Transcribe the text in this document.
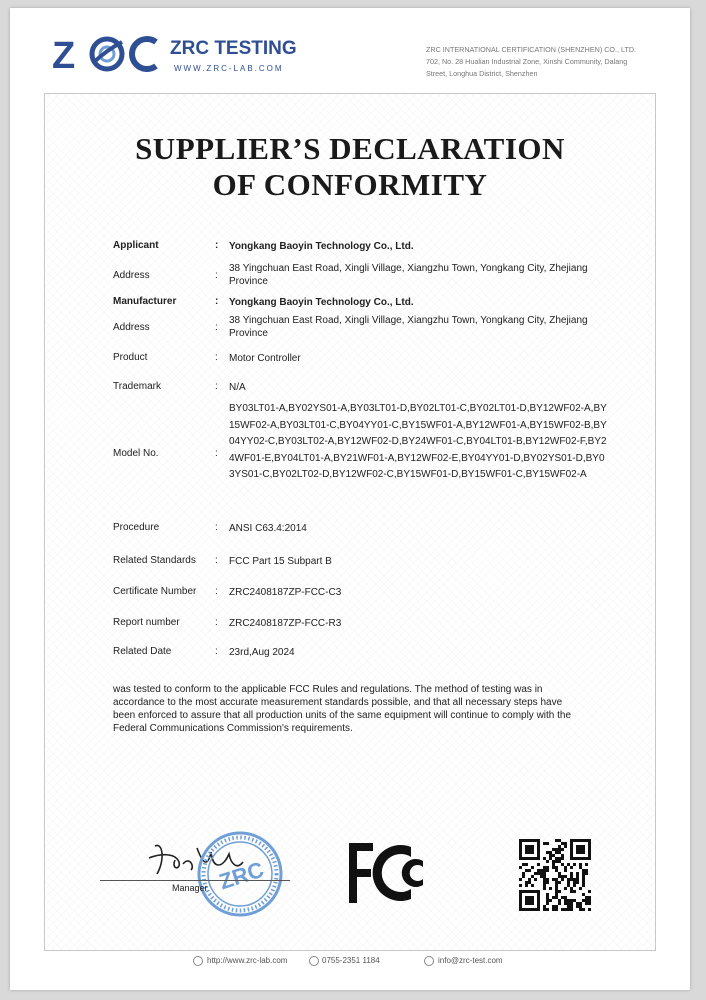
Z	ZRC TESTING
WWW.ZRC-LAB.COM
ZRC INTERNATIONAL CERTIFICATION (SHENZHEN) CO., LTD.
702, No. 28 Hualian Industrial Zone, Xinshi Community, Dalang
Street, Longhua District, Shenzhen
SUPPLIER’S DECLARATION
OF CONFORMITY
Applicant	: Yongkang Baoyin Technology Co., Ltd.
Address	:
38 Yingchuan East Road, Xingli Village, Xiangzhu Town, Yongkang City, Zhejiang Province
Manufacturer	: Yongkang Baoyin Technology Co., Ltd.
Address	:
38 Yingchuan East Road, Xingli Village, Xiangzhu Town, Yongkang City, Zhejiang Province
Product	: Motor Controller
Trademark	: N/A
Model No.	:
BY03LT01-A,BY02YS01-A,BY03LT01-D,BY02LT01-C,BY02LT01-D,BY12WF02-A,BY15WF02-A,BY03LT01-C,BY04YY01-C,BY15WF01-A,BY12WF01-A,BY15WF02-B,BY04YY02-C,BY03LT02-A,BY12WF02-D,BY24WF01-C,BY04LT01-B,BY12WF02-F,BY24WF01-E,BY04LT01-A,BY21WF01-A,BY12WF02-E,BY04YY01-D,BY02YS01-D,BY03YS01-C,BY02LT02-D,BY12WF02-C,BY15WF01-D,BY15WF01-C,BY15WF02-A
Procedure	: ANSI C63.4:2014
Related Standards	: FCC Part 15 Subpart B
Certificate Number	: ZRC2408187ZP-FCC-C3
Report number	: ZRC2408187ZP-FCC-R3
Related Date	: 23rd,Aug 2024
was tested to conform to the applicable FCC Rules and regulations. The method of testing was in accordance to the most accurate measurement standards possible, and that all necessary steps have been enforced to assure that all production units of the same equipment will continue to comply with the Federal Communications Commission's requirements.
ZRC
Manager
http://www.zrc-lab.com	0755-2351 1184	info@zrc-test.com
